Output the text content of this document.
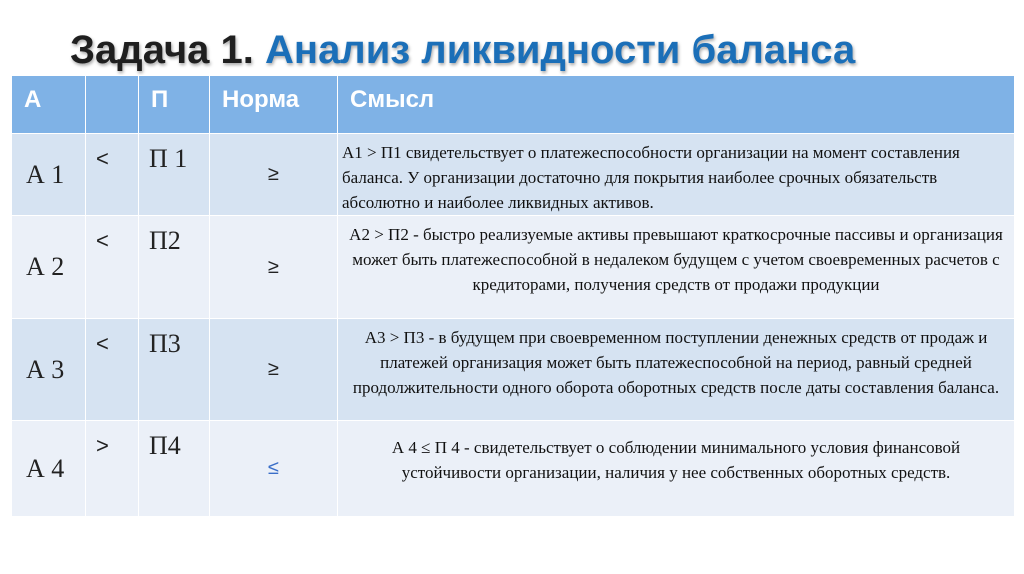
Задача 1. Анализ ликвидности баланса
А		П	Норма	Смысл
А 1	<	П 1	≥	А1 > П1 свидетельствует о платежеспособности организации на момент составления баланса. У организации достаточно для покрытия наиболее срочных обязательств абсолютно и наиболее ликвидных активов.
А 2	<	П2	≥	А2 > П2 - быстро реализуемые активы превышают краткосрочные пассивы и организация может быть платежеспособной в недалеком будущем с учетом своевременных расчетов с кредиторами, получения средств от продажи продукции
А 3	<	П3	≥	А3 > П3 - в будущем при своевременном поступлении денежных средств от продаж и платежей организация может быть платежеспособной на период, равный средней продолжительности одного оборота оборотных средств после даты составления баланса.
А 4	>	П4	≤	А 4 ≤ П 4 - свидетельствует о соблюдении минимального условия финансовой устойчивости организации, наличия у нее собственных оборотных средств.
